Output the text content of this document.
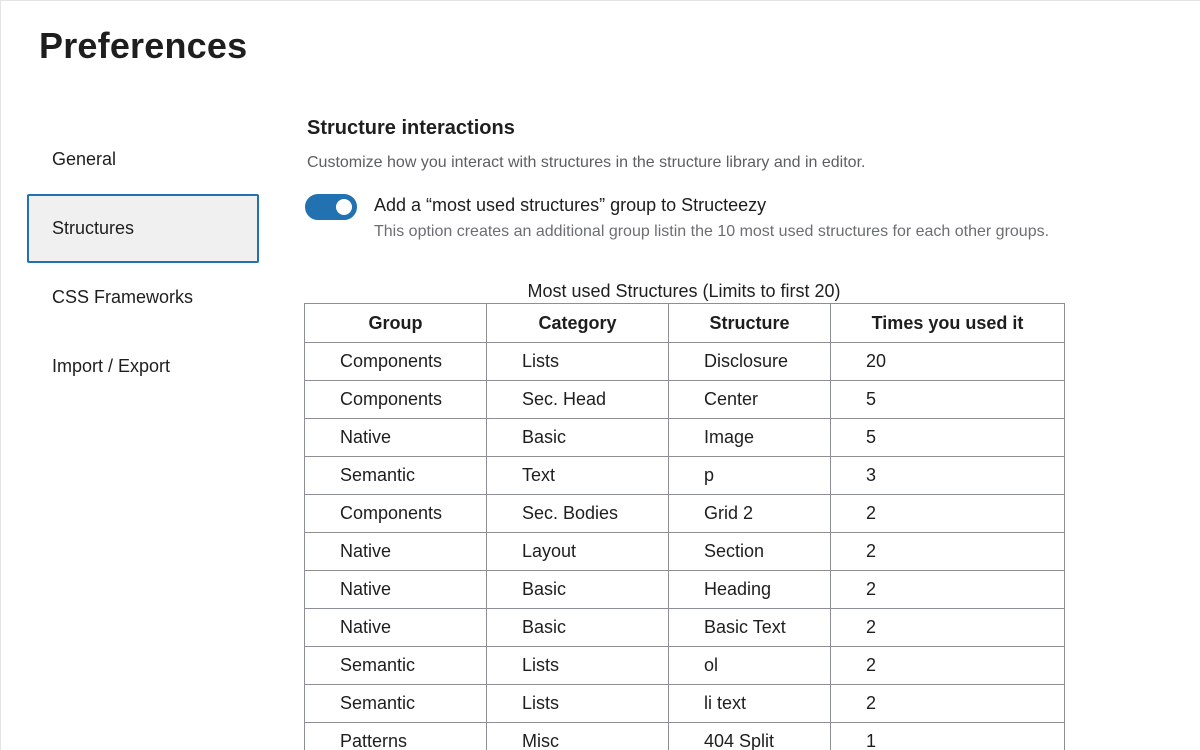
Preferences
General
Structures
CSS Frameworks
Import / Export
Structure interactions

Customize how you interact with structures in the structure library and in editor.

Add a “most used structures” group to Structeezy
This option creates an additional group listin the 10 most used structures for each other groups.
Most used Structures (Limits to first 20)
Group	Category	Structure	Times you used it
Components	Lists	Disclosure	20
Components	Sec. Head	Center	5
Native	Basic	Image	5
Semantic	Text	p	3
Components	Sec. Bodies	Grid 2	2
Native	Layout	Section	2
Native	Basic	Heading	2
Native	Basic	Basic Text	2
Semantic	Lists	ol	2
Semantic	Lists	li text	2
Patterns	Misc	404 Split	1
